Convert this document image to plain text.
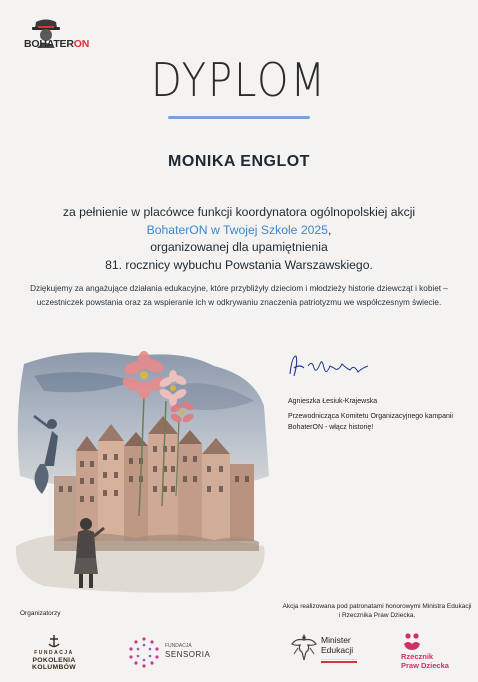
BOHATERON
DYPLOM
MONIKA ENGLOT
za pełnienie w placówce funkcji koordynatora ogólnopolskiej akcji
BohaterON w Twojej Szkole 2025,
organizowanej dla upamiętnienia
81. rocznicy wybuchu Powstania Warszawskiego.
Dziękujemy za angażujące działania edukacyjne, które przybliżyły dzieciom i młodzieży historie dziewcząt i kobiet – uczestniczek powstania oraz za wspieranie ich w odkrywaniu znaczenia patriotyzmu we współczesnym świecie.
Agnieszka Łesiuk-Krajewska
Przewodnicząca Komitetu Organizacyjnego kampanii BohaterON - włącz historię!
Organizatorzy
Akcja realizowana pod patronatami honorowymi Ministra Edukacji i Rzecznika Praw Dziecka.
FUNDACJA
POKOLENIA KOLUMBÓW
FUNDACJA
SENSORIA
Minister
Edukacji
Rzecznik
Praw Dziecka
